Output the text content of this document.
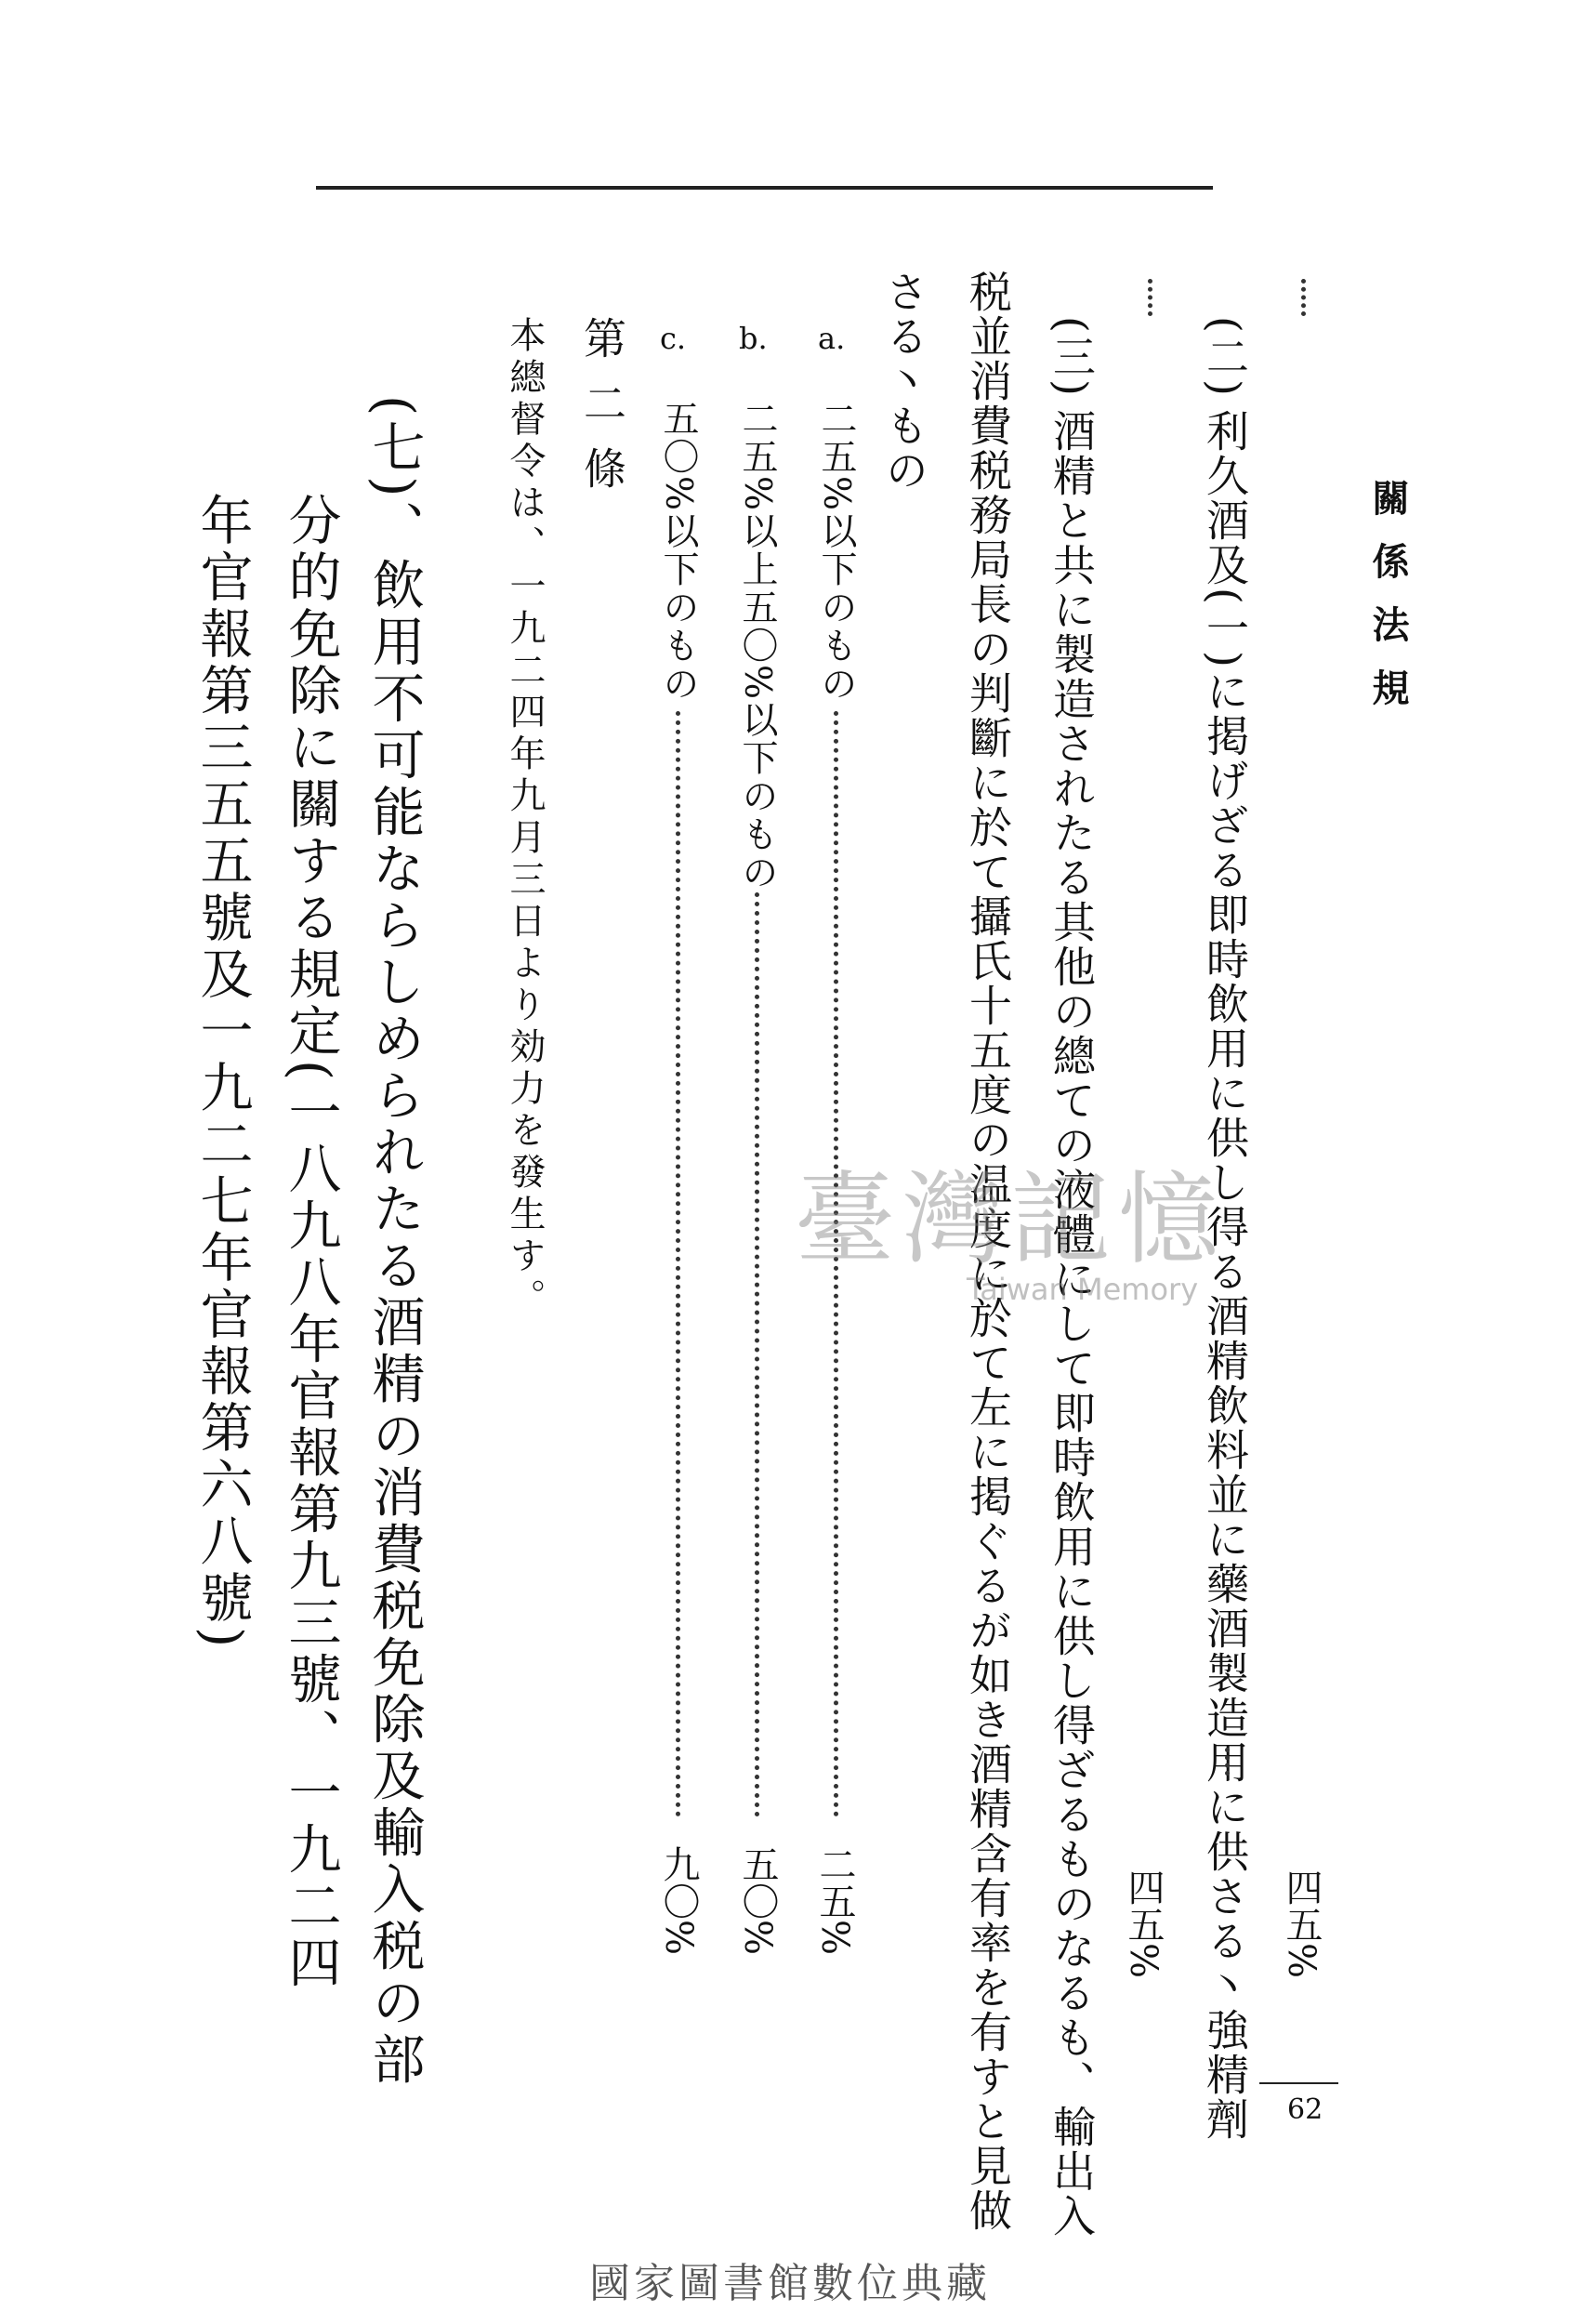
關係法規
(二)
利久酒及(一)に掲げざる即時飲用に供し得る酒精飲料並に藥酒製造用に供さる丶強精劑 四五%
(三)
酒精と共に製造されたる其他の總ての液體にして即時飲用に供し得ざるものなるも、輸出入
税並消費税務局長の判斷に於て攝氏十五度の温度に於て左に掲ぐるが如き酒精含有率を有すと見做
さる丶もの
四五%
a.
二五%以下のもの
二五%
b.
二五%以上五〇%以下のもの
五〇%
c.
五〇%以下のもの
九〇%
第二條
本總督令は、一九二四年九月三日より効力を發生す。
(七)、飲用不可能ならしめられたる酒精の消費税免除及輸入税の部
分的免除に關する規定(一八九八年官報第九三號、一九二四
年官報第三五五號及一九二七年官報第六八號)	臺灣記憶
Taiwan Memory
62
國家圖書館數位典藏
